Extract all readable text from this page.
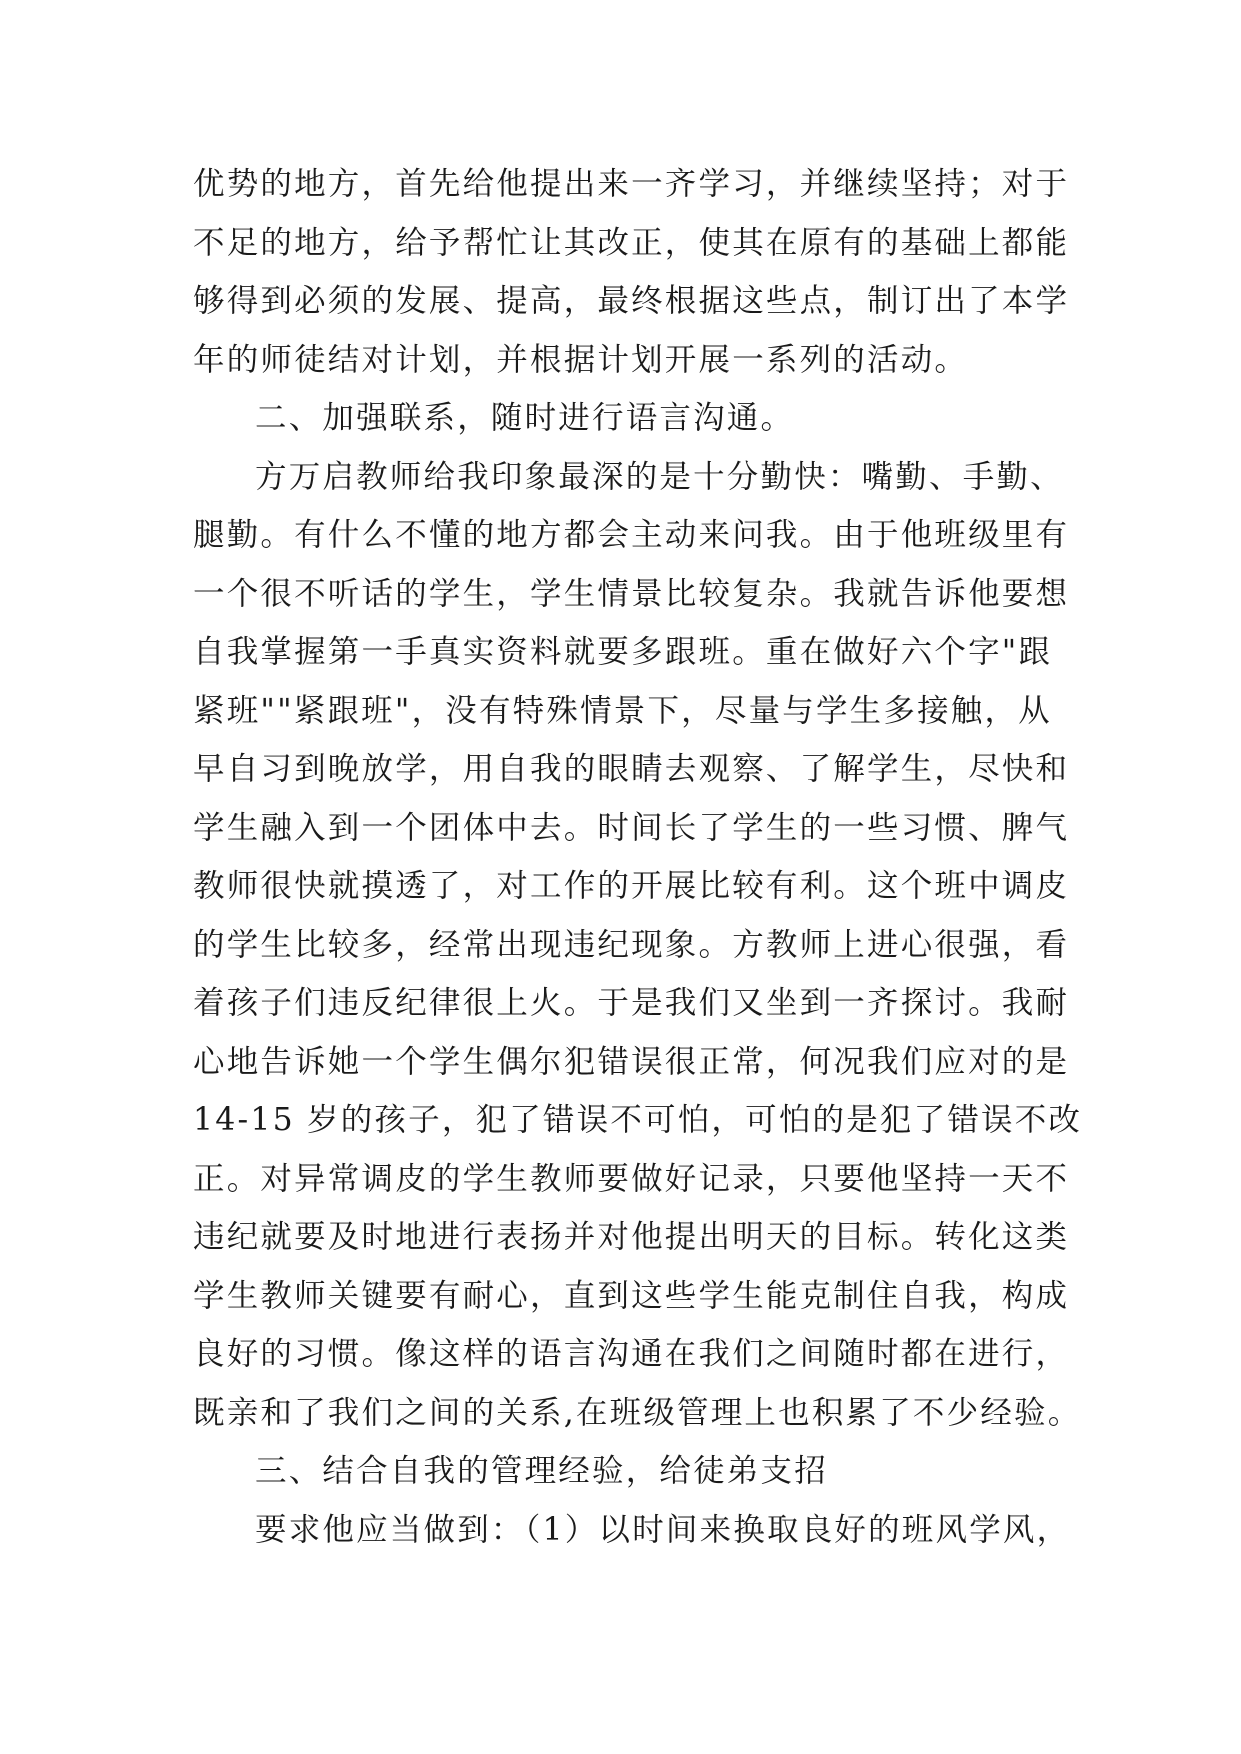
优势的地方，首先给他提出来一齐学习，并继续坚持；对于
不足的地方，给予帮忙让其改正，使其在原有的基础上都能
够得到必须的发展、提高，最终根据这些点，制订出了本学
年的师徒结对计划，并根据计划开展一系列的活动。
二、加强联系，随时进行语言沟通。
方万启教师给我印象最深的是十分勤快：嘴勤、手勤、
腿勤。有什么不懂的地方都会主动来问我。由于他班级里有
一个很不听话的学生，学生情景比较复杂。我就告诉他要想
自我掌握第一手真实资料就要多跟班。重在做好六个字"跟
紧班""紧跟班"，没有特殊情景下，尽量与学生多接触，从
早自习到晚放学，用自我的眼睛去观察、了解学生，尽快和
学生融入到一个团体中去。时间长了学生的一些习惯、脾气
教师很快就摸透了，对工作的开展比较有利。这个班中调皮
的学生比较多，经常出现违纪现象。方教师上进心很强，看
着孩子们违反纪律很上火。于是我们又坐到一齐探讨。我耐
心地告诉她一个学生偶尔犯错误很正常，何况我们应对的是
14-15 岁的孩子，犯了错误不可怕，可怕的是犯了错误不改
正。对异常调皮的学生教师要做好记录，只要他坚持一天不
违纪就要及时地进行表扬并对他提出明天的目标。转化这类
学生教师关键要有耐心，直到这些学生能克制住自我，构成
良好的习惯。像这样的语言沟通在我们之间随时都在进行，
既亲和了我们之间的关系,在班级管理上也积累了不少经验。
三、结合自我的管理经验，给徒弟支招
要求他应当做到：（1）以时间来换取良好的班风学风，
